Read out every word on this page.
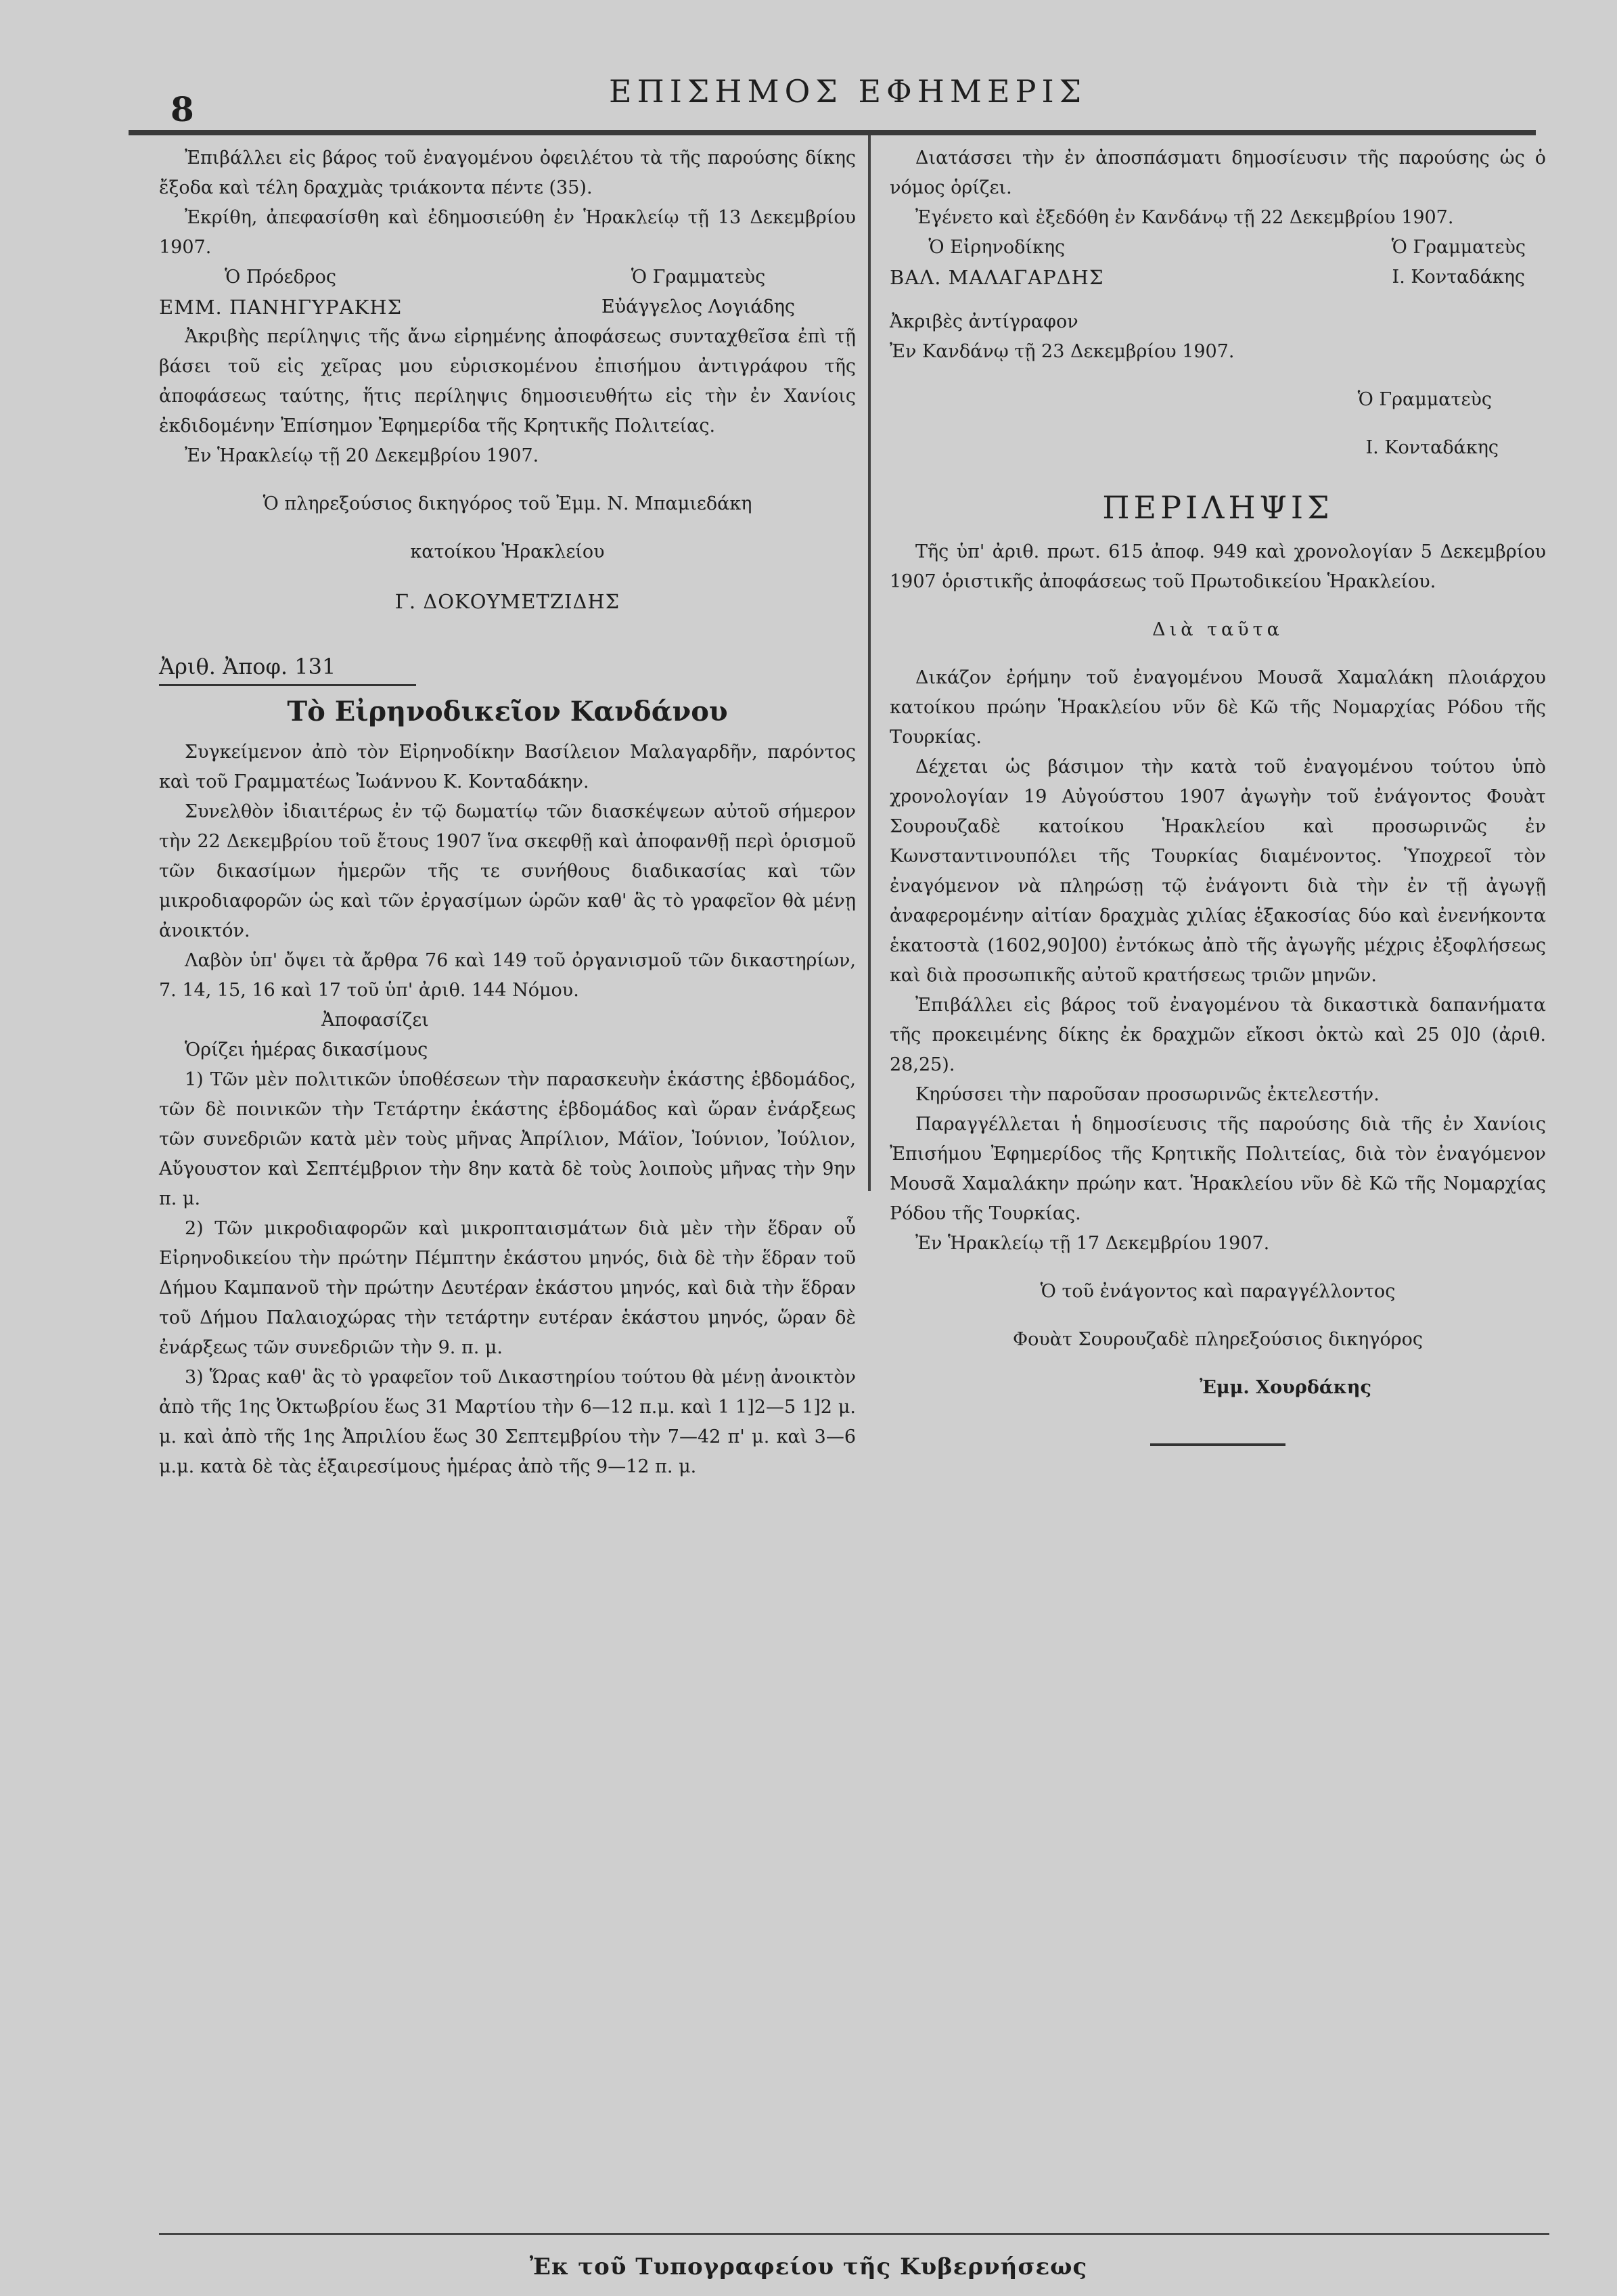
8	ΕΠΙΣΗΜΟΣ ΕΦΗΜΕΡΙΣ

Ἐπιβάλλει εἰς βάρος τοῦ ἐναγομένου ὀφειλέτου τὰ τῆς παρούσης δίκης ἔξοδα καὶ τέλη δραχμὰς τριάκοντα πέντε (35).

Ἐκρίθη, ἀπεφασίσθη καὶ ἐδημοσιεύθη ἐν Ἡρακλείῳ τῇ 13 Δεκεμβρίου 1907.

Ὁ Πρόεδρος
ΕΜΜ. ΠΑΝΗΓΥΡΑΚΗΣ
Ὁ Γραμματεὺς
Εὐάγγελος Λογιάδης

Ἀκριβὴς περίληψις τῆς ἄνω εἰρημένης ἀποφάσεως συνταχθεῖσα ἐπὶ τῇ βάσει τοῦ εἰς χεῖρας μου εὑρισκομένου ἐπισήμου ἀντιγράφου τῆς ἀποφάσεως ταύτης, ἥτις περίληψις δημοσιευθήτω εἰς τὴν ἐν Χανίοις ἐκδιδομένην Ἐπίσημον Ἐφημερίδα τῆς Κρητικῆς Πολιτείας.

Ἐν Ἡρακλείῳ τῇ 20 Δεκεμβρίου 1907.

Ὁ πληρεξούσιος δικηγόρος τοῦ Ἐμμ. Ν. Μπαμιεδάκη

κατοίκου Ἡρακλείου

Γ. ΔΟΚΟΥΜΕΤΖΙΔΗΣ

Ἀριθ. Ἀποφ. 131
Τὸ Εἰρηνοδικεῖον Κανδάνου

Συγκείμενον ἀπὸ τὸν Εἰρηνοδίκην Βασίλειον Μαλαγαρδῆν, παρόντος καὶ τοῦ Γραμματέως Ἰωάννου Κ. Κονταδάκην.

Συνελθὸν ἰδιαιτέρως ἐν τῷ δωματίῳ τῶν διασκέψεων αὐτοῦ σήμερον τὴν 22 Δεκεμβρίου τοῦ ἔτους 1907 ἵνα σκεφθῇ καὶ ἀποφανθῇ περὶ ὁρισμοῦ τῶν δικασίμων ἡμερῶν τῆς τε συνήθους διαδικασίας καὶ τῶν μικροδιαφορῶν ὡς καὶ τῶν ἐργασίμων ὡρῶν καθ' ἃς τὸ γραφεῖον θὰ μένῃ ἀνοικτόν.

Λαβὸν ὑπ' ὄψει τὰ ἄρθρα 76 καὶ 149 τοῦ ὀργανισμοῦ τῶν δικαστηρίων, 7. 14, 15, 16 καὶ 17 τοῦ ὑπ' ἀριθ. 144 Νόμου.

Ἀποφασίζει

Ὁρίζει ἡμέρας δικασίμους

1) Τῶν μὲν πολιτικῶν ὑποθέσεων τὴν παρασκευὴν ἑκάστης ἑβδομάδος, τῶν δὲ ποινικῶν τὴν Τετάρτην ἑκάστης ἑβδομάδος καὶ ὥραν ἐνάρξεως τῶν συνεδριῶν κατὰ μὲν τοὺς μῆνας Ἀπρίλιον, Μάϊον, Ἰούνιον, Ἰούλιον, Αὔγουστον καὶ Σεπτέμβριον τὴν 8ην κατὰ δὲ τοὺς λοιποὺς μῆνας τὴν 9ην π. μ.

2) Τῶν μικροδιαφορῶν καὶ μικροπταισμάτων διὰ μὲν τὴν ἕδραν οὗ Εἰρηνοδικείου τὴν πρώτην Πέμπτην ἑκάστου μηνός, διὰ δὲ τὴν ἕδραν τοῦ Δήμου Καμπανοῦ τὴν πρώτην Δευτέραν ἑκάστου μηνός, καὶ διὰ τὴν ἕδραν τοῦ Δήμου Παλαιοχώρας τὴν τετάρτην ευτέραν ἑκάστου μηνός, ὥραν δὲ ἐνάρξεως τῶν συνεδριῶν τὴν 9. π. μ.

3) Ὥρας καθ' ἃς τὸ γραφεῖον τοῦ Δικαστηρίου τούτου θὰ μένῃ ἀνοικτὸν ἀπὸ τῆς 1ης Ὀκτωβρίου ἕως 31 Μαρτίου τὴν 6—12 π.μ. καὶ 1 1]2—5 1]2 μ. μ. καὶ ἀπὸ τῆς 1ης Ἀπριλίου ἕως 30 Σεπτεμβρίου τὴν 7—42 π' μ. καὶ 3—6 μ.μ. κατὰ δὲ τὰς ἑξαιρεσίμους ἡμέρας ἀπὸ τῆς 9—12 π. μ.

Διατάσσει τὴν ἐν ἀποσπάσματι δημοσίευσιν τῆς παρούσης ὡς ὁ νόμος ὁρίζει.

Ἐγένετο καὶ ἐξεδόθη ἐν Κανδάνῳ τῇ 22 Δεκεμβρίου 1907.

Ὁ Εἰρηνοδίκης
ΒΑΛ. ΜΑΛΑΓΑΡΔΗΣ
Ὁ Γραμματεὺς
Ι. Κονταδάκης

Ἀκριβὲς ἀντίγραφον

Ἐν Κανδάνῳ τῇ 23 Δεκεμβρίου 1907.

Ὁ Γραμματεὺς

Ι. Κονταδάκης

ΠΕΡΙΛΗΨΙΣ

Τῆς ὑπ' ἀριθ. πρωτ. 615 ἀποφ. 949 καὶ χρονολογίαν 5 Δεκεμβρίου 1907 ὁριστικῆς ἀποφάσεως τοῦ Πρωτοδικείου Ἡρακλείου.

Διὰ ταῦτα

Δικάζον ἐρήμην τοῦ ἐναγομένου Μουσᾶ Χαμαλάκη πλοιάρχου κατοίκου πρώην Ἡρακλείου νῦν δὲ Κῶ τῆς Νομαρχίας Ρόδου τῆς Τουρκίας.

Δέχεται ὡς βάσιμον τὴν κατὰ τοῦ ἐναγομένου τούτου ὑπὸ χρονολογίαν 19 Αὐγούστου 1907 ἀγωγὴν τοῦ ἐνάγοντος Φουὰτ Σουρουζαδὲ κατοίκου Ἡρακλείου καὶ προσωρινῶς ἐν Κωνσταντινουπόλει τῆς Τουρκίας διαμένοντος. Ὑποχρεοῖ τὸν ἐναγόμενον νὰ πληρώσῃ τῷ ἐνάγοντι διὰ τὴν ἐν τῇ ἀγωγῇ ἀναφερομένην αἰτίαν δραχμὰς χιλίας ἑξακοσίας δύο καὶ ἐνενήκοντα ἑκατοστὰ (1602,90]00) ἐντόκως ἀπὸ τῆς ἀγωγῆς μέχρις ἐξοφλήσεως καὶ διὰ προσωπικῆς αὐτοῦ κρατήσεως τριῶν μηνῶν.

Ἐπιβάλλει εἰς βάρος τοῦ ἐναγομένου τὰ δικαστικὰ δαπανήματα τῆς προκειμένης δίκης ἐκ δραχμῶν εἴκοσι ὀκτὼ καὶ 25 0]0 (ἀριθ. 28,25).

Κηρύσσει τὴν παροῦσαν προσωρινῶς ἐκτελεστήν.

Παραγγέλλεται ἡ δημοσίευσις τῆς παρούσης διὰ τῆς ἐν Χανίοις Ἐπισήμου Ἐφημερίδος τῆς Κρητικῆς Πολιτείας, διὰ τὸν ἐναγόμενον Μουσᾶ Χαμαλάκην πρώην κατ. Ἡρακλείου νῦν δὲ Κῶ τῆς Νομαρχίας Ρόδου τῆς Τουρκίας.

Ἐν Ἡρακλείῳ τῇ 17 Δεκεμβρίου 1907.

Ὁ τοῦ ἐνάγοντος καὶ παραγγέλλοντος

Φουὰτ Σουρουζαδὲ πληρεξούσιος δικηγόρος

Ἐμμ. Χουρδάκης

Ἐκ τοῦ Τυπογραφείου τῆς Κυβερνήσεως
